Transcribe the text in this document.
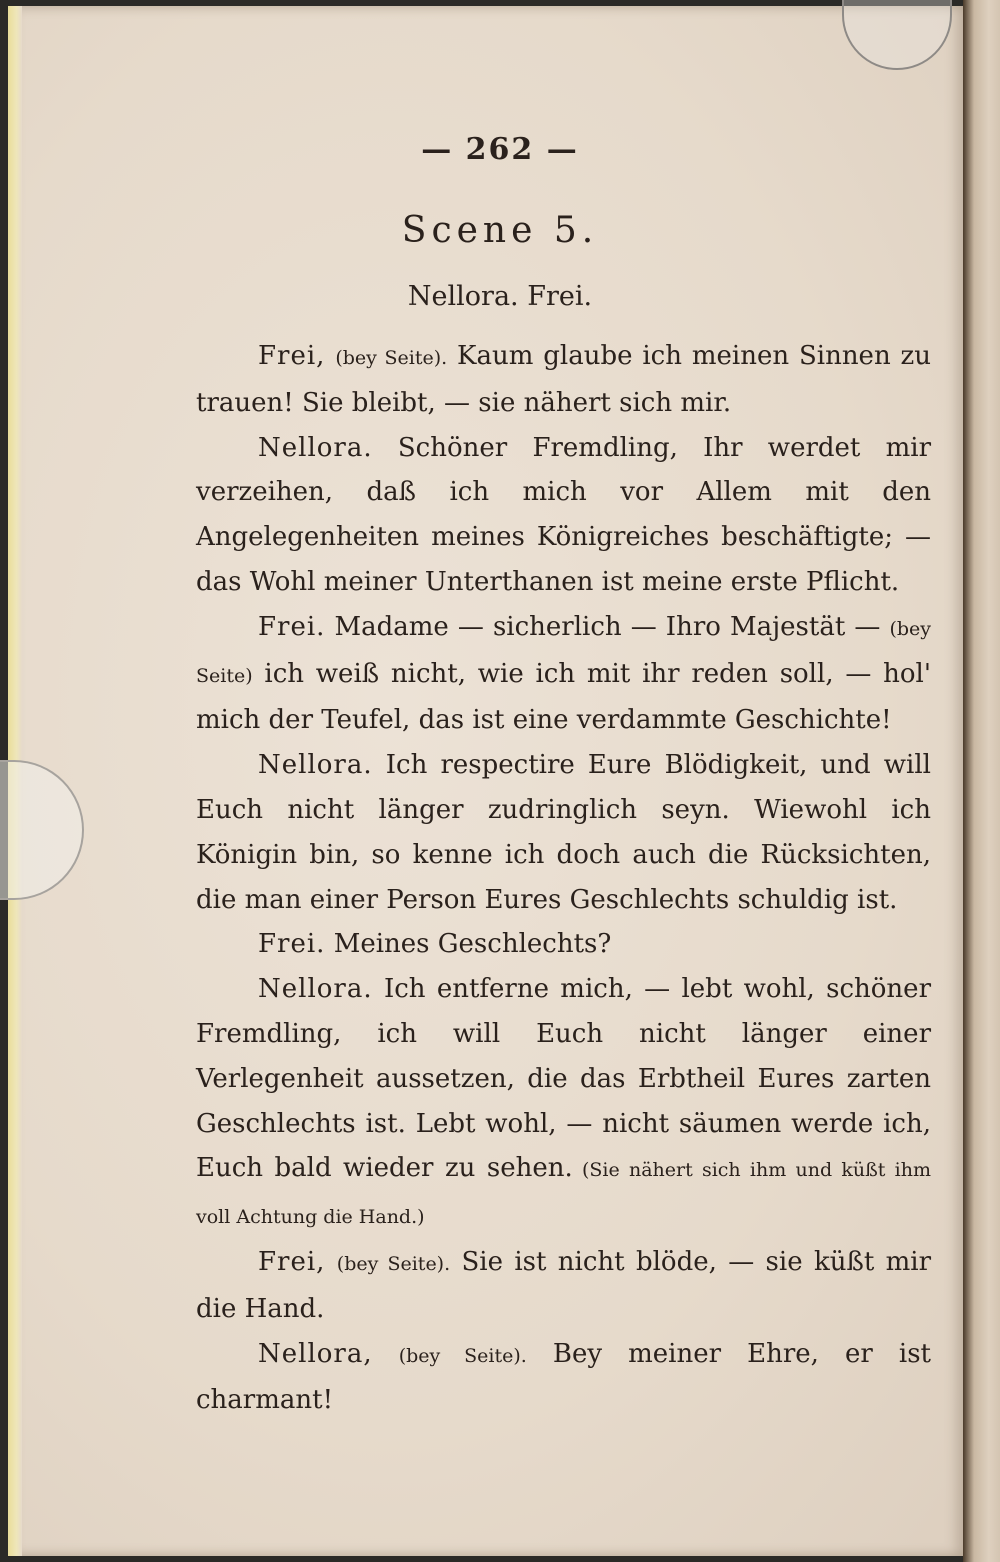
— 262 —
Scene 5.
Nellora. Frei.

Frei, (bey Seite). Kaum glaube ich meinen Sinnen zu trauen! Sie bleibt, — sie nähert sich mir.

Nellora. Schöner Fremdling, Ihr werdet mir verzeihen, daß ich mich vor Allem mit den Angelegenheiten meines Königreiches beschäftigte; — das Wohl meiner Unterthanen ist meine erste Pflicht.

Frei. Madame — sicherlich — Ihro Majestät — (bey Seite) ich weiß nicht, wie ich mit ihr reden soll, — hol' mich der Teufel, das ist eine verdammte Geschichte!

Nellora. Ich respectire Eure Blödigkeit, und will Euch nicht länger zudringlich seyn. Wiewohl ich Königin bin, so kenne ich doch auch die Rücksichten, die man einer Person Eures Geschlechts schuldig ist.

Frei. Meines Geschlechts?

Nellora. Ich entferne mich, — lebt wohl, schöner Fremdling, ich will Euch nicht länger einer Verlegenheit aussetzen, die das Erbtheil Eures zarten Geschlechts ist. Lebt wohl, — nicht säumen werde ich, Euch bald wieder zu sehen. (Sie nähert sich ihm und küßt ihm voll Achtung die Hand.)

Frei, (bey Seite). Sie ist nicht blöde, — sie küßt mir die Hand.

Nellora, (bey Seite). Bey meiner Ehre, er ist charmant!
